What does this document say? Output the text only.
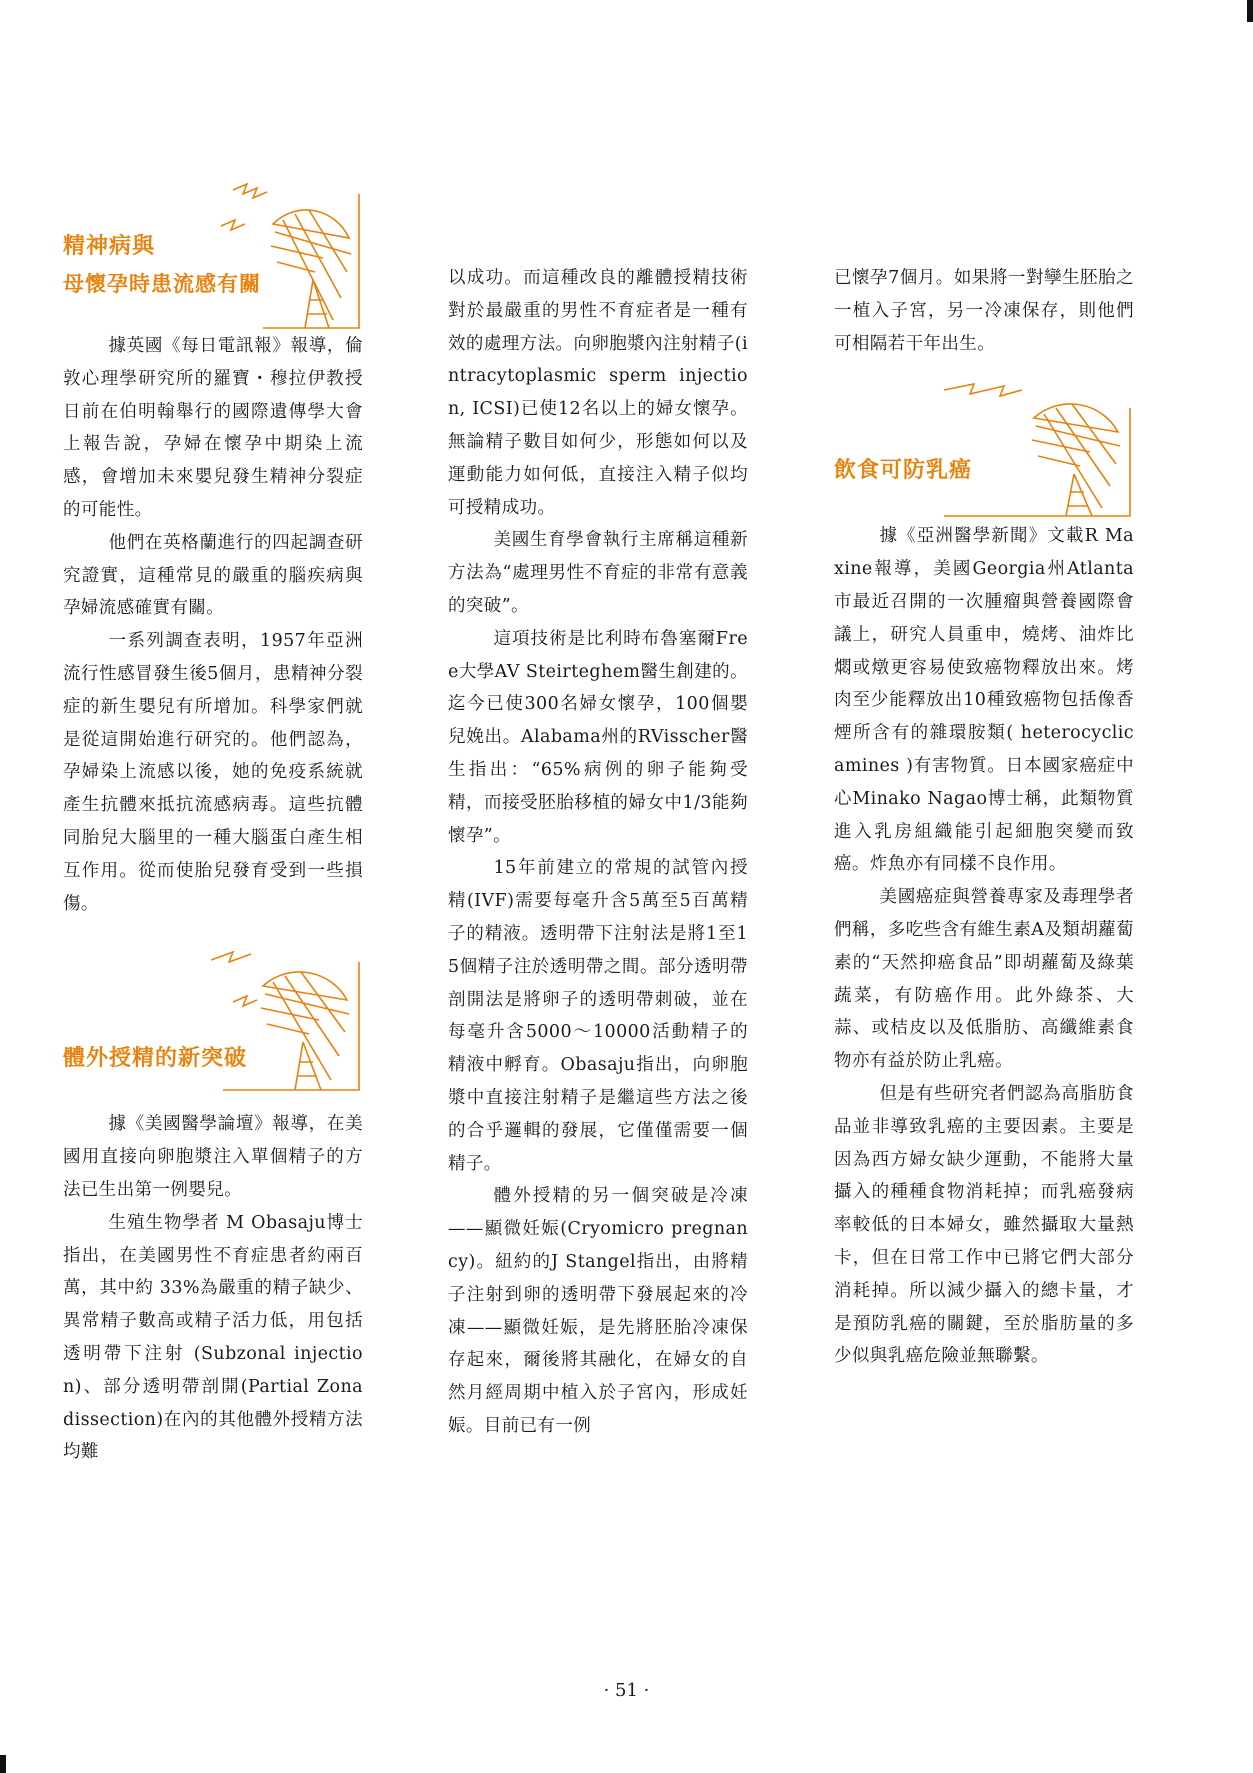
精神病與
母懷孕時患流感有關

據英國《每日電訊報》報導，倫敦心理學研究所的羅寶・穆拉伊教授日前在伯明翰舉行的國際遺傳學大會上報告說，孕婦在懷孕中期染上流感，會增加未來嬰兒發生精神分裂症的可能性。

他們在英格蘭進行的四起調查研究證實，這種常見的嚴重的腦疾病與孕婦流感確實有關。

一系列調查表明，1957年亞洲流行性感冒發生後5個月，患精神分裂症的新生嬰兒有所增加。科學家們就是從這開始進行研究的。他們認為，孕婦染上流感以後，她的免疫系統就產生抗體來抵抗流感病毒。這些抗體同胎兒大腦里的一種大腦蛋白產生相互作用。從而使胎兒發育受到一些損傷。

體外授精的新突破

據《美國醫學論壇》報導，在美國用直接向卵胞漿注入單個精子的方法已生出第一例嬰兒。

生殖生物學者 M Obasaju博士指出，在美國男性不育症患者約兩百萬，其中約 33%為嚴重的精子缺少、異常精子數高或精子活力低，用包括透明帶下注射 (Subzonal injection)、部分透明帶剖開(Partial Zona dissection)在內的其他體外授精方法均難

以成功。而這種改良的離體授精技術對於最嚴重的男性不育症者是一種有效的處理方法。向卵胞漿內注射精子(intracytoplasmic sperm injection, ICSI)已使12名以上的婦女懷孕。無論精子數目如何少，形態如何以及運動能力如何低，直接注入精子似均可授精成功。

美國生育學會執行主席稱這種新方法為“處理男性不育症的非常有意義的突破”。

這項技術是比利時布魯塞爾Free大學AV Steirteghem醫生創建的。迄今已使300名婦女懷孕，100個嬰兒娩出。Alabama州的RVisscher醫生指出：“65%病例的卵子能夠受精，而接受胚胎移植的婦女中1/3能夠懷孕”。

15年前建立的常規的試管內授精(IVF)需要每毫升含5萬至5百萬精子的精液。透明帶下注射法是將1至15個精子注於透明帶之間。部分透明帶剖開法是將卵子的透明帶刺破，並在每毫升含5000～10000活動精子的精液中孵育。Obasaju指出，向卵胞漿中直接注射精子是繼這些方法之後的合乎邏輯的發展，它僅僅需要一個精子。

體外授精的另一個突破是冷凍——顯微妊娠(Cryomicro pregnancy)。紐約的J Stangel指出，由將精子注射到卵的透明帶下發展起來的冷凍——顯微妊娠，是先將胚胎冷凍保存起來，爾後將其融化，在婦女的自然月經周期中植入於子宮內，形成妊娠。目前已有一例

已懷孕7個月。如果將一對孿生胚胎之一植入子宮，另一冷凍保存，則他們可相隔若干年出生。

飲食可防乳癌

據《亞洲醫學新聞》文載R Maxine報導，美國Georgia州Atlanta市最近召開的一次腫瘤與營養國際會議上，研究人員重申，燒烤、油炸比燜或燉更容易使致癌物釋放出來。烤肉至少能釋放出10種致癌物包括像香煙所含有的雜環胺類( heterocyclic amines )有害物質。日本國家癌症中心Minako Nagao博士稱，此類物質進入乳房組織能引起細胞突變而致癌。炸魚亦有同樣不良作用。

美國癌症與營養專家及毒理學者們稱，多吃些含有維生素A及類胡蘿蔔素的“天然抑癌食品”即胡蘿蔔及綠葉蔬菜，有防癌作用。此外綠茶、大蒜、或桔皮以及低脂肪、高纖維素食物亦有益於防止乳癌。

但是有些研究者們認為高脂肪食品並非導致乳癌的主要因素。主要是因為西方婦女缺少運動，不能將大量攝入的種種食物消耗掉；而乳癌發病率較低的日本婦女，雖然攝取大量熱卡，但在日常工作中已將它們大部分消耗掉。所以減少攝入的總卡量，才是預防乳癌的關鍵，至於脂肪量的多少似與乳癌危險並無聯繫。

· 51 ·
